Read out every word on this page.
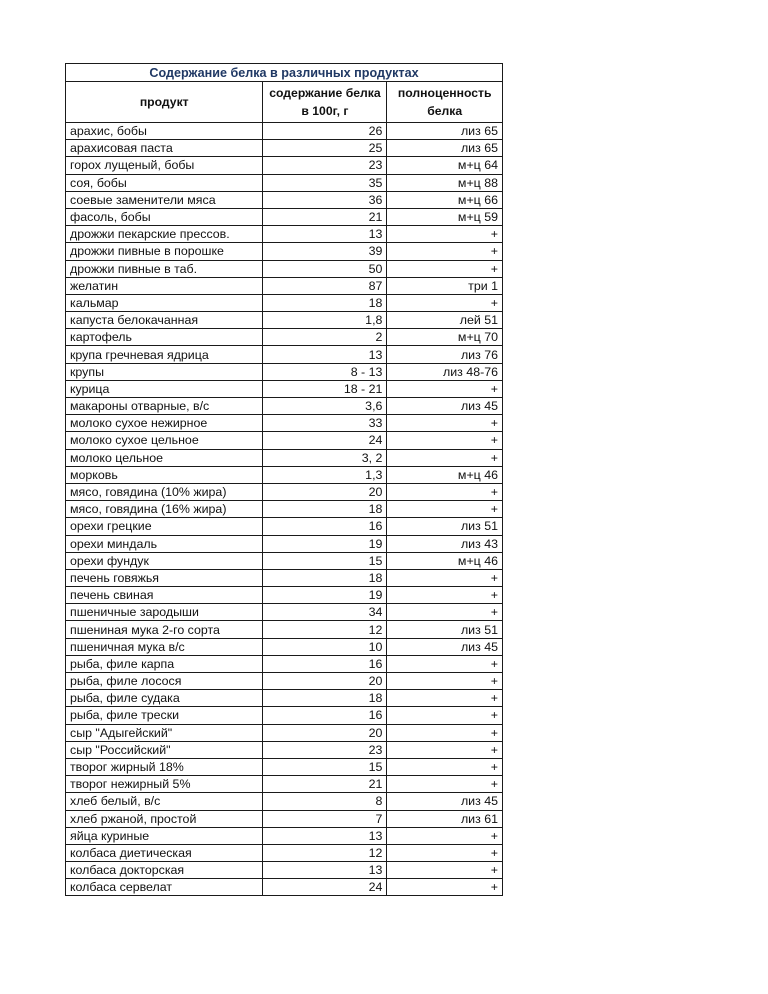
Содержание белка в различных продуктах		
продукт	содержание белка в 100г, г	полноценность белка
арахис, бобы	26	лиз 65
арахисовая паста	25	лиз 65
горох лущеный, бобы	23	м+ц 64
соя, бобы	35	м+ц 88
соевые заменители мяса	36	м+ц 66
фасоль, бобы	21	м+ц 59
дрожжи пекарские прессов.	13	+
дрожжи пивные в порошке	39	+
дрожжи пивные в таб.	50	+
желатин	87	три 1
кальмар	18	+
капуста белокачанная	1,8	лей 51
картофель	2	м+ц 70
крупа гречневая ядрица	13	лиз 76
крупы	8 - 13	лиз 48-76
курица	18 - 21	+
макароны отварные, в/с	3,6	лиз 45
молоко сухое нежирное	33	+
молоко сухое цельное	24	+
молоко цельное	3, 2	+
морковь	1,3	м+ц 46
мясо, говядина (10% жира)	20	+
мясо, говядина (16% жира)	18	+
орехи грецкие	16	лиз 51
орехи миндаль	19	лиз 43
орехи фундук	15	м+ц 46
печень говяжья	18	+
печень свиная	19	+
пшеничные зародыши	34	+
пшениная мука 2-го сорта	12	лиз 51
пшеничная мука в/с	10	лиз 45
рыба, филе карпа	16	+
рыба, филе лосося	20	+
рыба, филе судака	18	+
рыба, филе трески	16	+
сыр "Адыгейский"	20	+
сыр "Российский"	23	+
творог жирный 18%	15	+
творог нежирный 5%	21	+
хлеб белый, в/с	8	лиз 45
хлеб ржаной, простой	7	лиз 61
яйца куриные	13	+
колбаса диетическая	12	+
колбаса докторская	13	+
колбаса сервелат	24	+
